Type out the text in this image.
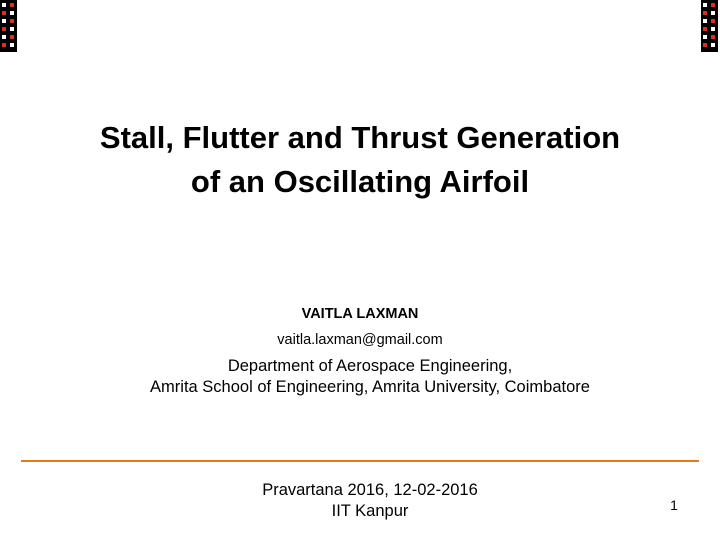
Stall, Flutter and Thrust Generation
of an Oscillating Airfoil
VAITLA LAXMAN
vaitla.laxman@gmail.com
Department of Aerospace Engineering,
Amrita School of Engineering, Amrita University, Coimbatore
Pravartana 2016, 12-02-2016
IIT Kanpur	1
